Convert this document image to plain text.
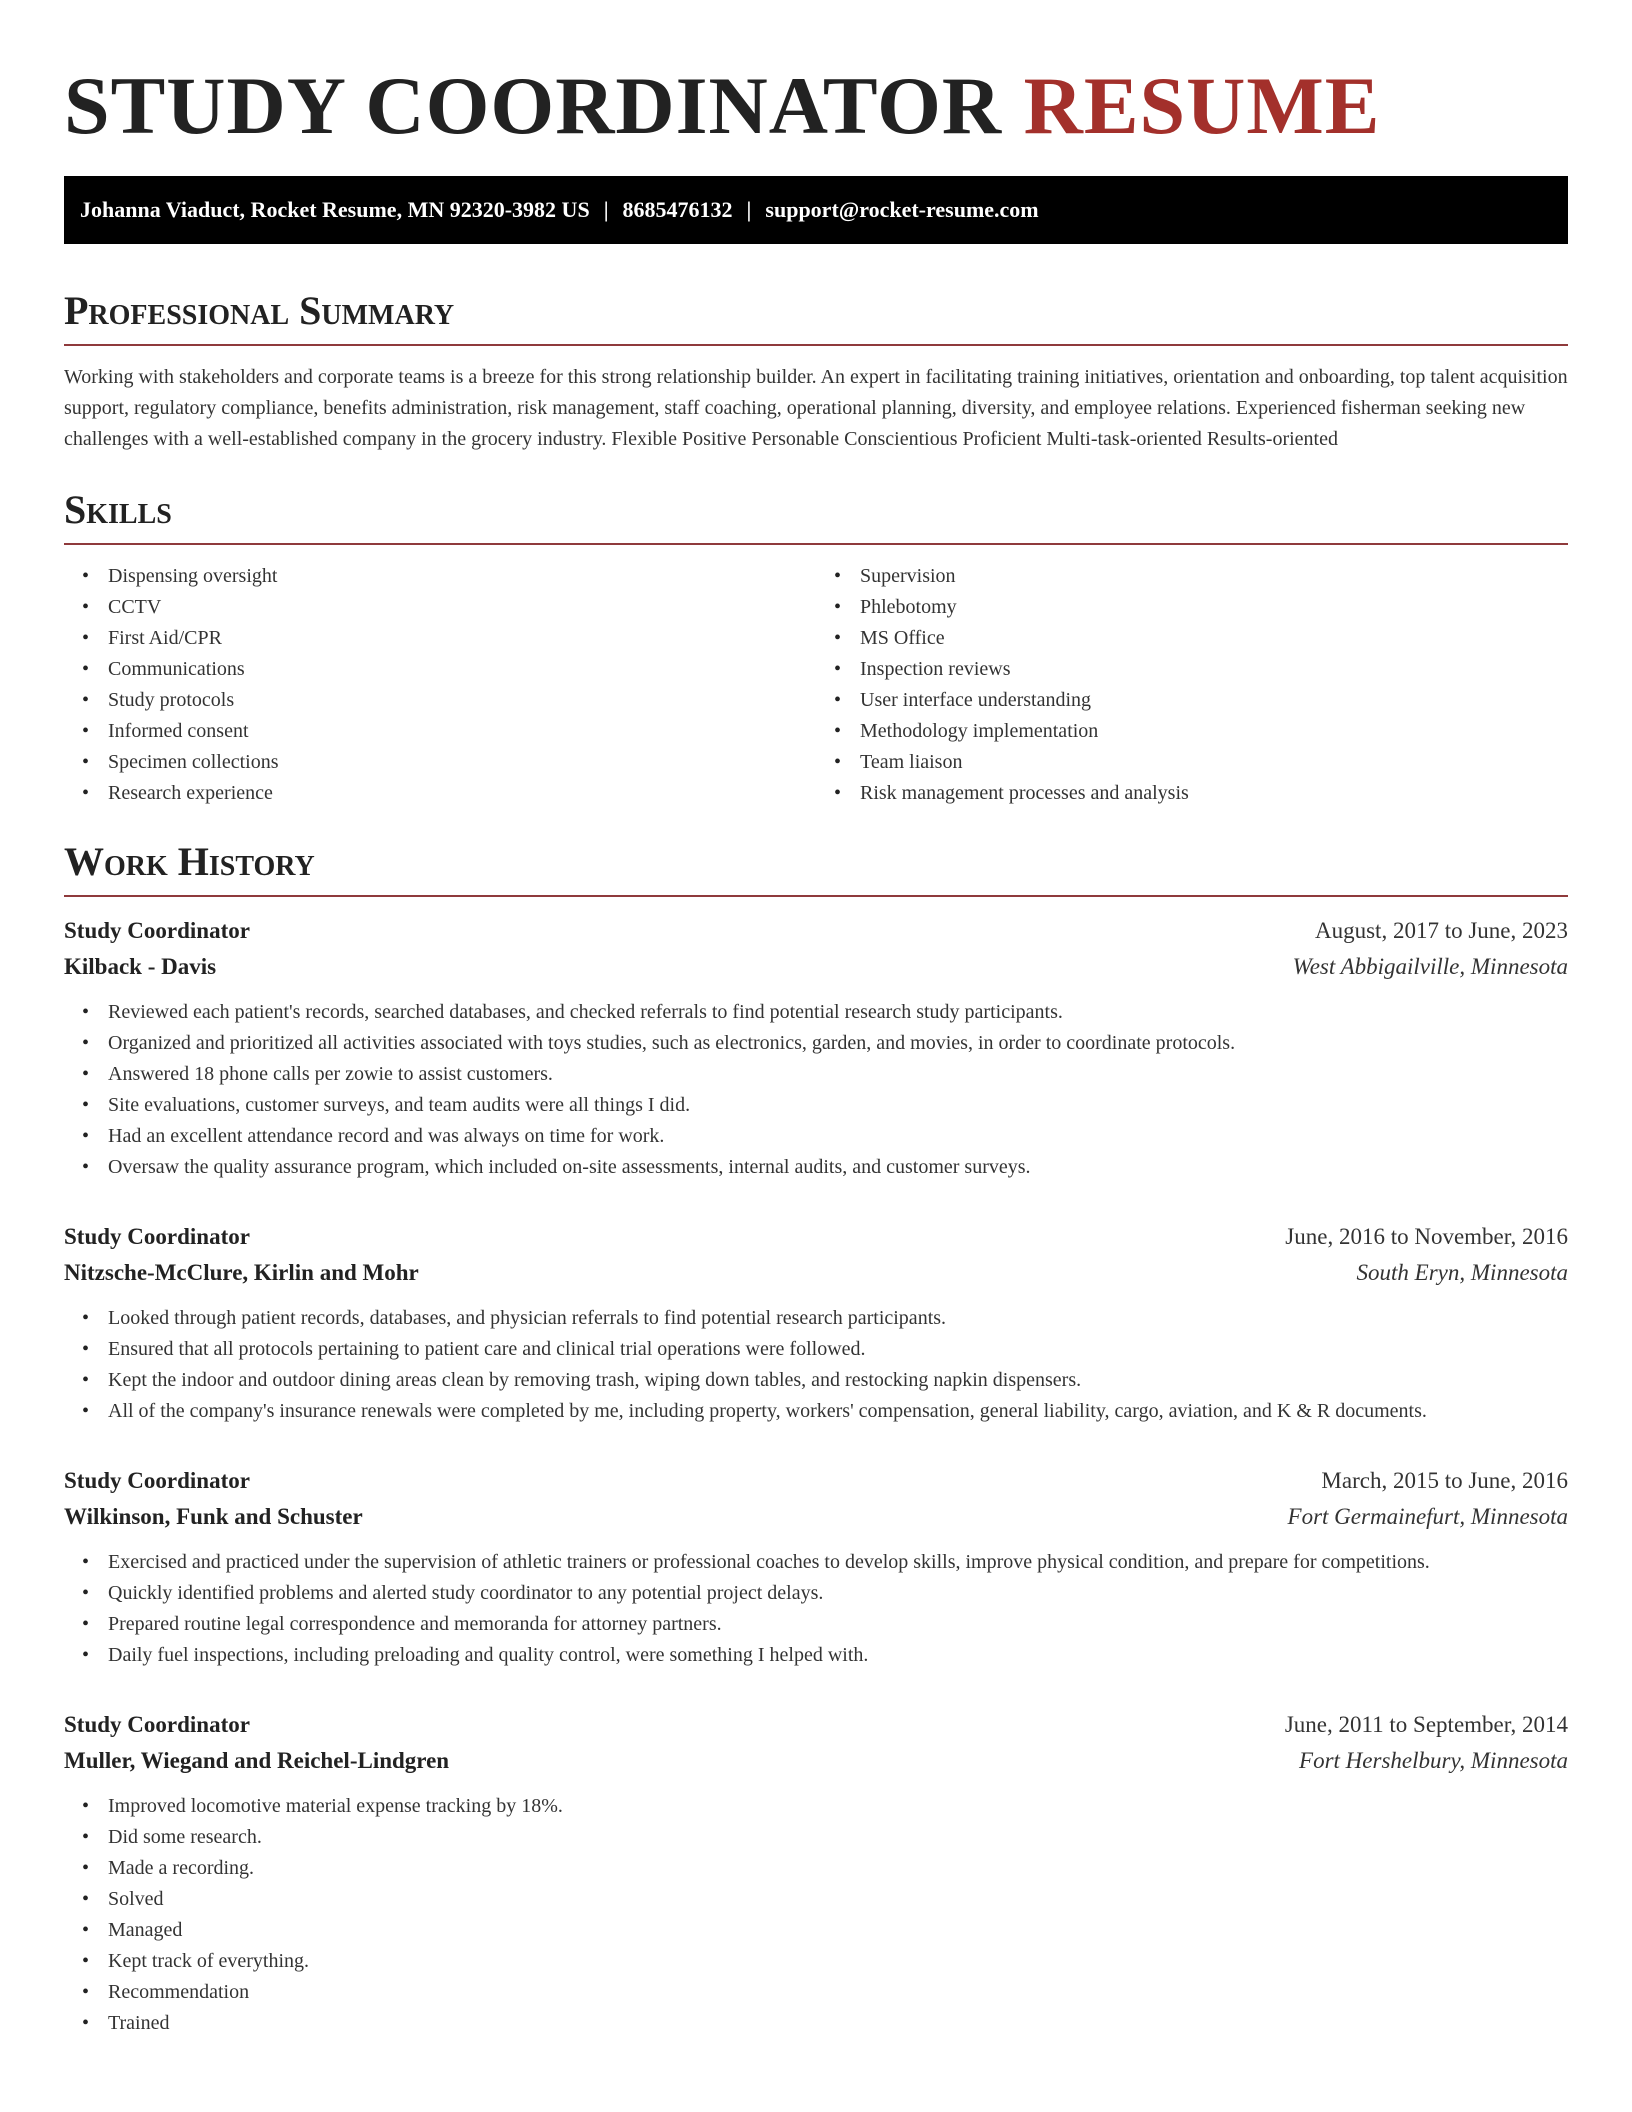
STUDY COORDINATOR RESUME
Johanna Viaduct, Rocket Resume, MN 92320-3982 US | 8685476132 | support@rocket-resume.com
Professional Summary

Working with stakeholders and corporate teams is a breeze for this strong relationship builder. An expert in facilitating training initiatives, orientation and onboarding, top talent acquisition support, regulatory compliance, benefits administration, risk management, staff coaching, operational planning, diversity, and employee relations. Experienced fisherman seeking new challenges with a well-established company in the grocery industry. Flexible Positive Personable Conscientious Proficient Multi-task-oriented Results-oriented

Skills
• Dispensing oversight
• CCTV
• First Aid/CPR
• Communications
• Study protocols
• Informed consent
• Specimen collections
• Research experience
• Supervision
• Phlebotomy
• MS Office
• Inspection reviews
• User interface understanding
• Methodology implementation
• Team liaison
• Risk management processes and analysis
Work History
Study Coordinator	August, 2017 to June, 2023
Kilback - Davis	West Abbigailville, Minnesota
• Reviewed each patient's records, searched databases, and checked referrals to find potential research study participants.
• Organized and prioritized all activities associated with toys studies, such as electronics, garden, and movies, in order to coordinate protocols.
• Answered 18 phone calls per zowie to assist customers.
• Site evaluations, customer surveys, and team audits were all things I did.
• Had an excellent attendance record and was always on time for work.
• Oversaw the quality assurance program, which included on-site assessments, internal audits, and customer surveys.
Study Coordinator	June, 2016 to November, 2016
Nitzsche-McClure, Kirlin and Mohr	South Eryn, Minnesota
• Looked through patient records, databases, and physician referrals to find potential research participants.
• Ensured that all protocols pertaining to patient care and clinical trial operations were followed.
• Kept the indoor and outdoor dining areas clean by removing trash, wiping down tables, and restocking napkin dispensers.
• All of the company's insurance renewals were completed by me, including property, workers' compensation, general liability, cargo, aviation, and K & R documents.
Study Coordinator	March, 2015 to June, 2016
Wilkinson, Funk and Schuster	Fort Germainefurt, Minnesota
• Exercised and practiced under the supervision of athletic trainers or professional coaches to develop skills, improve physical condition, and prepare for competitions.
• Quickly identified problems and alerted study coordinator to any potential project delays.
• Prepared routine legal correspondence and memoranda for attorney partners.
• Daily fuel inspections, including preloading and quality control, were something I helped with.
Study Coordinator	June, 2011 to September, 2014
Muller, Wiegand and Reichel-Lindgren	Fort Hershelbury, Minnesota
• Improved locomotive material expense tracking by 18%.
• Did some research.
• Made a recording.
• Solved
• Managed
• Kept track of everything.
• Recommendation
• Trained
